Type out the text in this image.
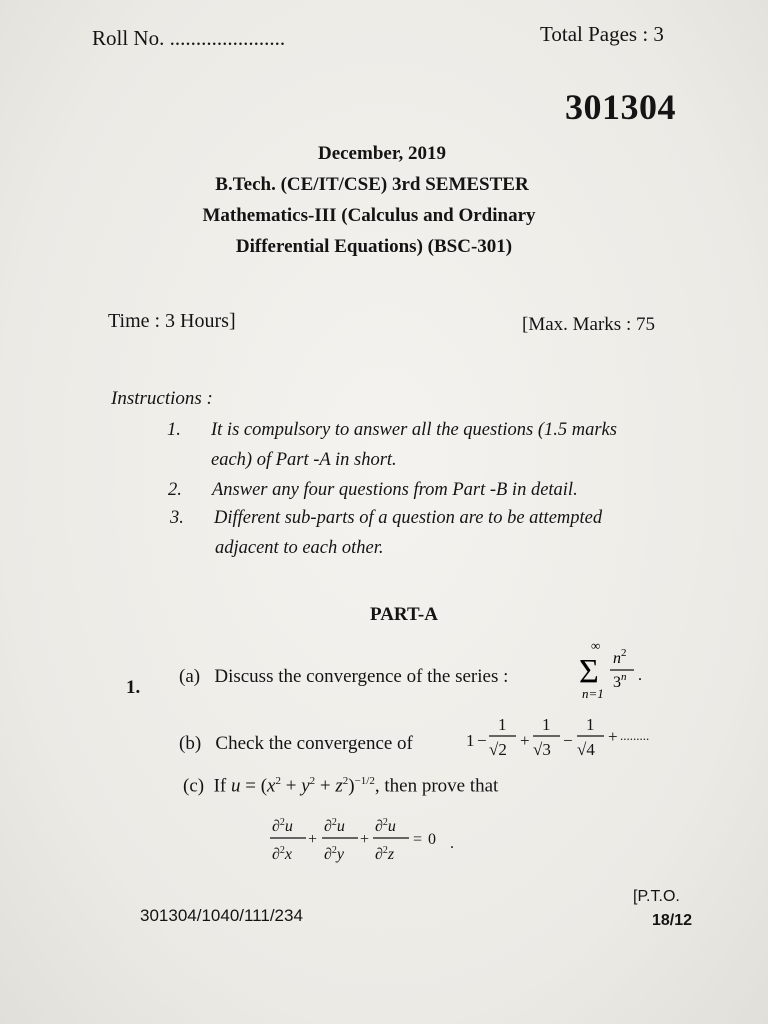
Roll No. ......................	Total Pages : 3
301304
December, 2019
B.Tech. (CE/IT/CSE) 3rd SEMESTER
Mathematics-III (Calculus and Ordinary
Differential Equations) (BSC-301)
Time : 3 Hours]	[Max. Marks : 75
Instructions :
1. It is compulsory to answer all the questions (1.5 marks
each) of Part -A in short.
2. Answer any four questions from Part -B in detail.
3. Different sub-parts of a question are to be attempted
adjacent to each other.
PART-A
1.
(a) Discuss the convergence of the series :
∞
Σ
n=1
$n^2$
3$^n$ .
(b) Check the convergence of	1 −
1
√2 +
1
√3 −
1
√4
+ .........
(c) If $u = (x^2 + y^2 + z^2)^{-1/2}$, then prove that
∂$^2$u
∂$^2$x
+
∂$^2$u
∂$^2$y
+
∂$^2$u
∂$^2$z
= 0 .
301304/1040/111/234
[P.T.O.
18/12
